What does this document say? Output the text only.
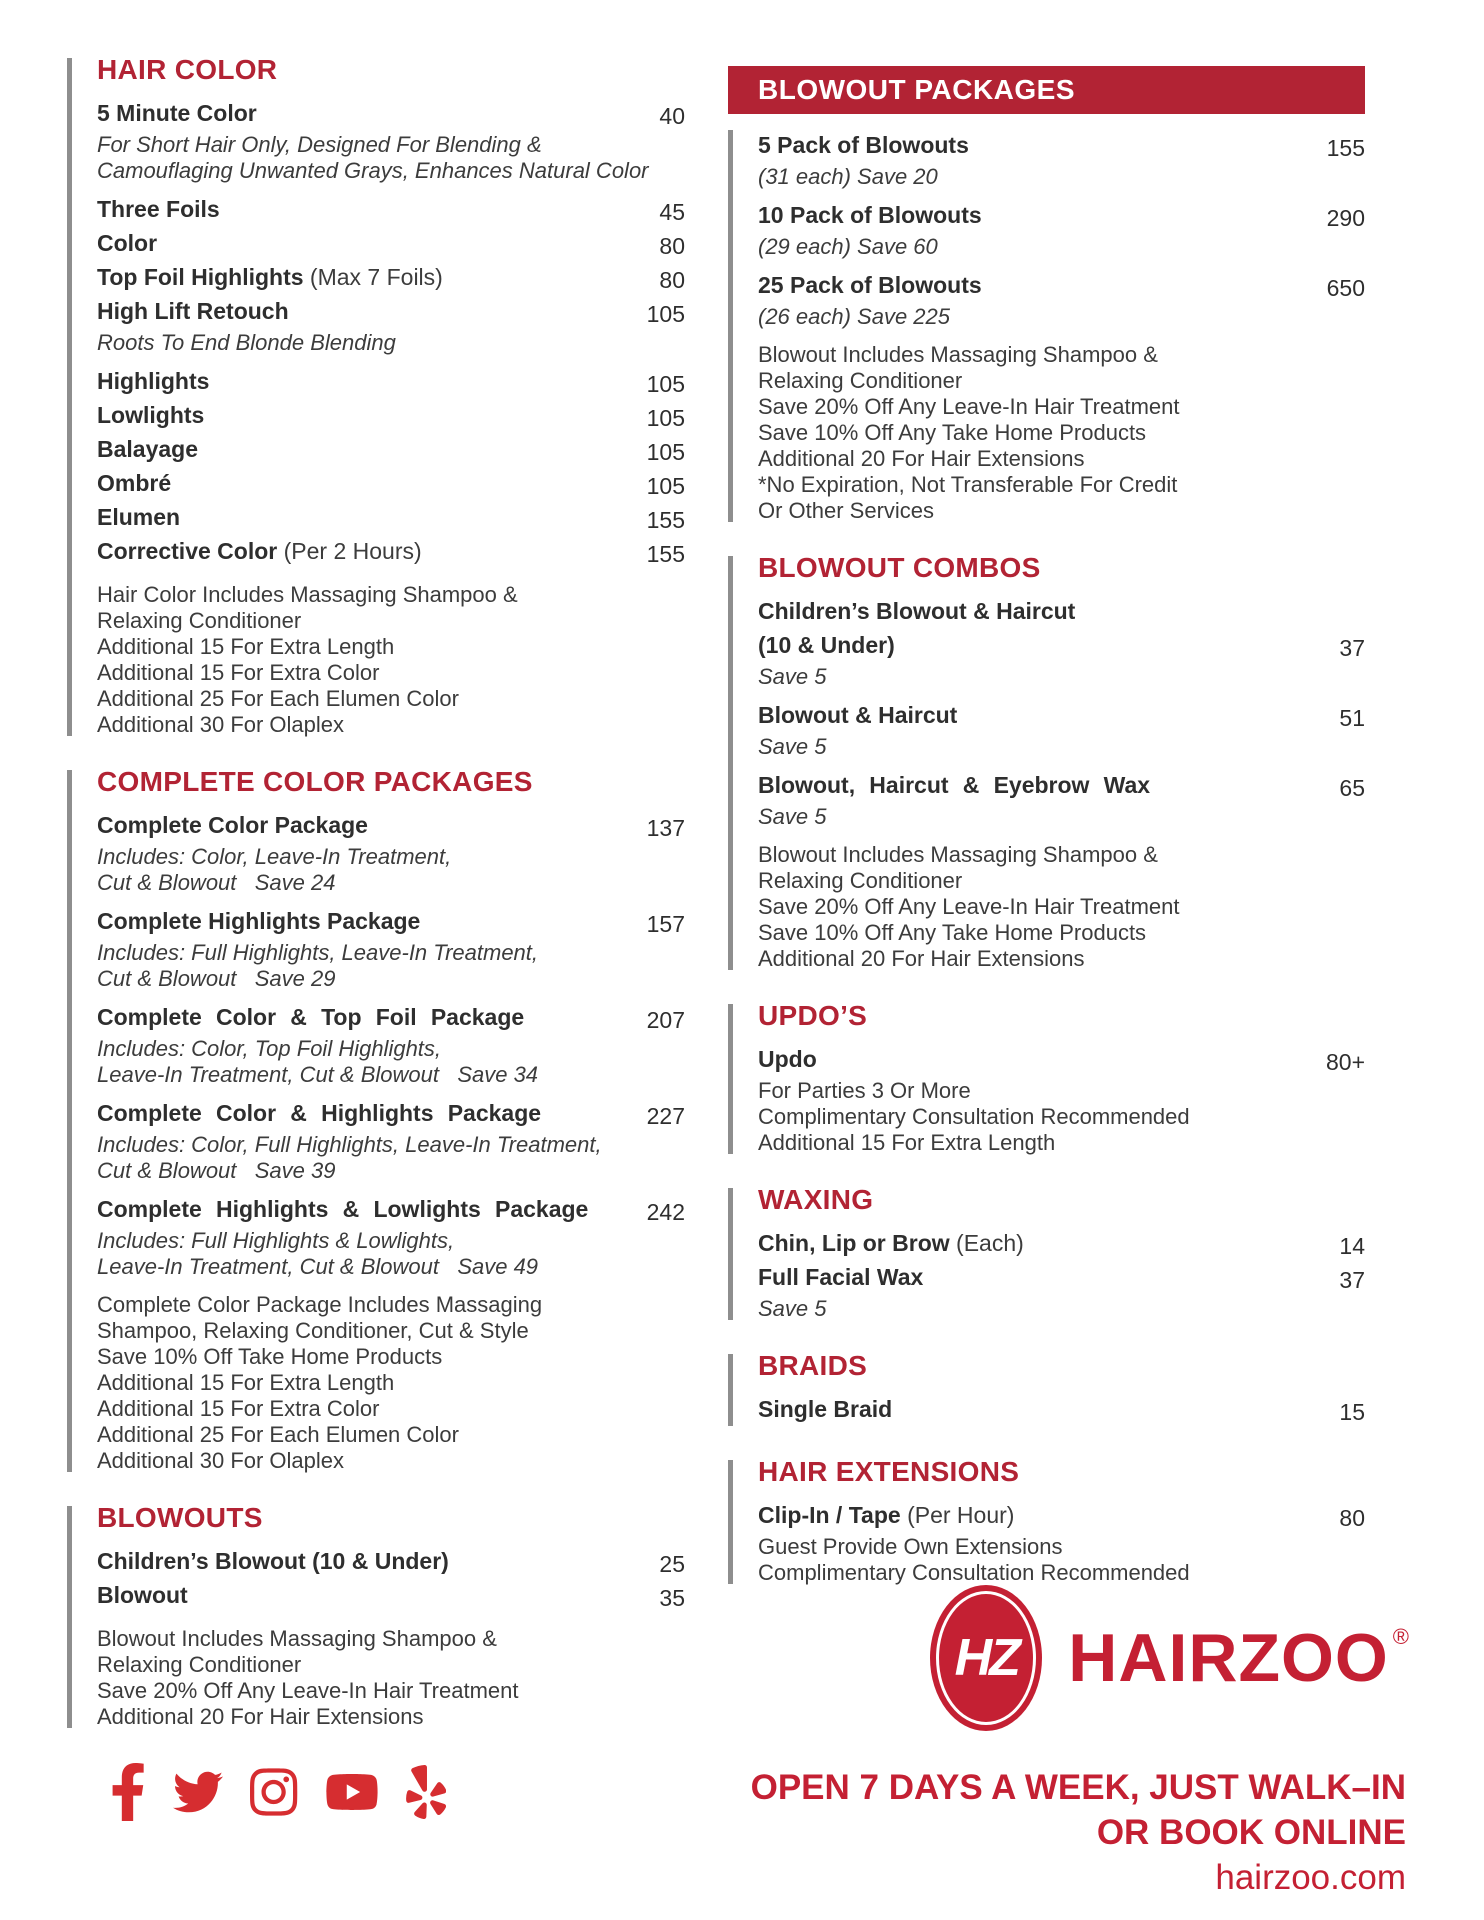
HAIR COLOR
5 Minute Color	40
For Short Hair Only, Designed For Blending &
Camouflaging Unwanted Grays, Enhances Natural Color
Three Foils	45
Color	80
Top Foil Highlights (Max 7 Foils)	80
High Lift Retouch	105
Roots To End Blonde Blending
Highlights	105
Lowlights	105
Balayage	105
Ombré	105
Elumen	155
Corrective Color (Per 2 Hours)	155
Hair Color Includes Massaging Shampoo &
Relaxing Conditioner
Additional 15 For Extra Length
Additional 15 For Extra Color
Additional 25 For Each Elumen Color
Additional 30 For Olaplex
COMPLETE COLOR PACKAGES
Complete Color Package	137
Includes: Color, Leave-In Treatment,
Cut & Blowout   Save 24
Complete Highlights Package	157
Includes: Full Highlights, Leave-In Treatment,
Cut & Blowout   Save 29
Complete Color & Top Foil Package	207
Includes: Color, Top Foil Highlights,
Leave-In Treatment, Cut & Blowout   Save 34
Complete Color & Highlights Package	227
Includes: Color, Full Highlights, Leave-In Treatment,
Cut & Blowout   Save 39
Complete Highlights & Lowlights Package	242
Includes: Full Highlights & Lowlights,
Leave-In Treatment, Cut & Blowout   Save 49
Complete Color Package Includes Massaging
Shampoo, Relaxing Conditioner, Cut & Style
Save 10% Off Take Home Products
Additional 15 For Extra Length
Additional 15 For Extra Color
Additional 25 For Each Elumen Color
Additional 30 For Olaplex
BLOWOUTS
Children’s Blowout (10 & Under)	25
Blowout	35
Blowout Includes Massaging Shampoo &
Relaxing Conditioner
Save 20% Off Any Leave-In Hair Treatment
Additional 20 For Hair Extensions
BLOWOUT PACKAGES
5 Pack of Blowouts	155
(31 each) Save 20
10 Pack of Blowouts	290
(29 each) Save 60
25 Pack of Blowouts	650
(26 each) Save 225
Blowout Includes Massaging Shampoo &
Relaxing Conditioner
Save 20% Off Any Leave-In Hair Treatment
Save 10% Off Any Take Home Products
Additional 20 For Hair Extensions
*No Expiration, Not Transferable For Credit
Or Other Services
BLOWOUT COMBOS
Children’s Blowout & Haircut
(10 & Under)	37
Save 5
Blowout & Haircut	51
Save 5
Blowout, Haircut & Eyebrow Wax	65
Save 5
Blowout Includes Massaging Shampoo &
Relaxing Conditioner
Save 20% Off Any Leave-In Hair Treatment
Save 10% Off Any Take Home Products
Additional 20 For Hair Extensions
UPDO’S
Updo	80+
For Parties 3 Or More
Complimentary Consultation Recommended
Additional 15 For Extra Length
WAXING
Chin, Lip or Brow (Each)	14
Full Facial Wax	37
Save 5
BRAIDS
Single Braid	15
HAIR EXTENSIONS
Clip-In / Tape (Per Hour)	80
Guest Provide Own Extensions
Complimentary Consultation Recommended
HZ HAIRZOO ®
OPEN 7 DAYS A WEEK, JUST WALK–IN
OR BOOK ONLINE
hairzoo.com
